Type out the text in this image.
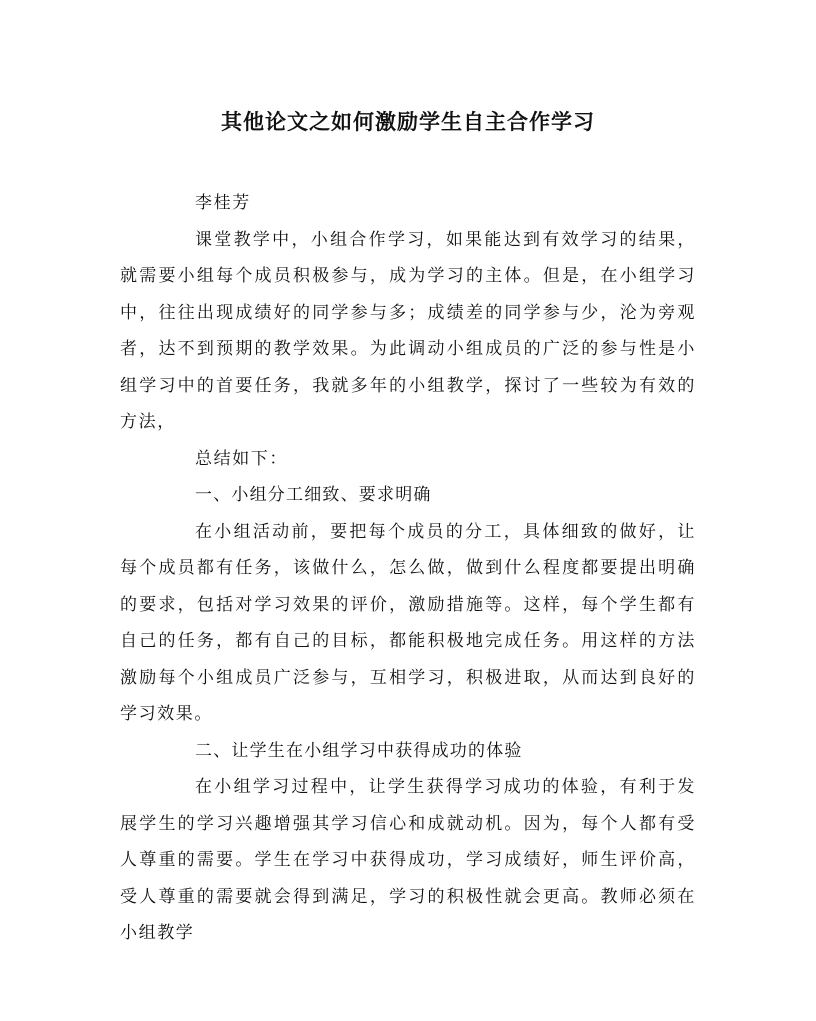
其他论文之如何激励学生自主合作学习

李桂芳

课堂教学中，小组合作学习，如果能达到有效学习的结果，就需要小组每个成员积极参与，成为学习的主体。但是，在小组学习中，往往出现成绩好的同学参与多；成绩差的同学参与少，沦为旁观者，达不到预期的教学效果。为此调动小组成员的广泛的参与性是小组学习中的首要任务，我就多年的小组教学，探讨了一些较为有效的方法，

总结如下：

一、小组分工细致、要求明确

在小组活动前，要把每个成员的分工，具体细致的做好，让每个成员都有任务，该做什么，怎么做，做到什么程度都要提出明确的要求，包括对学习效果的评价，激励措施等。这样，每个学生都有自己的任务，都有自己的目标，都能积极地完成任务。用这样的方法激励每个小组成员广泛参与，互相学习，积极进取，从而达到良好的学习效果。

二、让学生在小组学习中获得成功的体验

在小组学习过程中，让学生获得学习成功的体验，有利于发展学生的学习兴趣增强其学习信心和成就动机。因为，每个人都有受人尊重的需要。学生在学习中获得成功，学习成绩好，师生评价高，受人尊重的需要就会得到满足，学习的积极性就会更高。教师必须在小组教学
